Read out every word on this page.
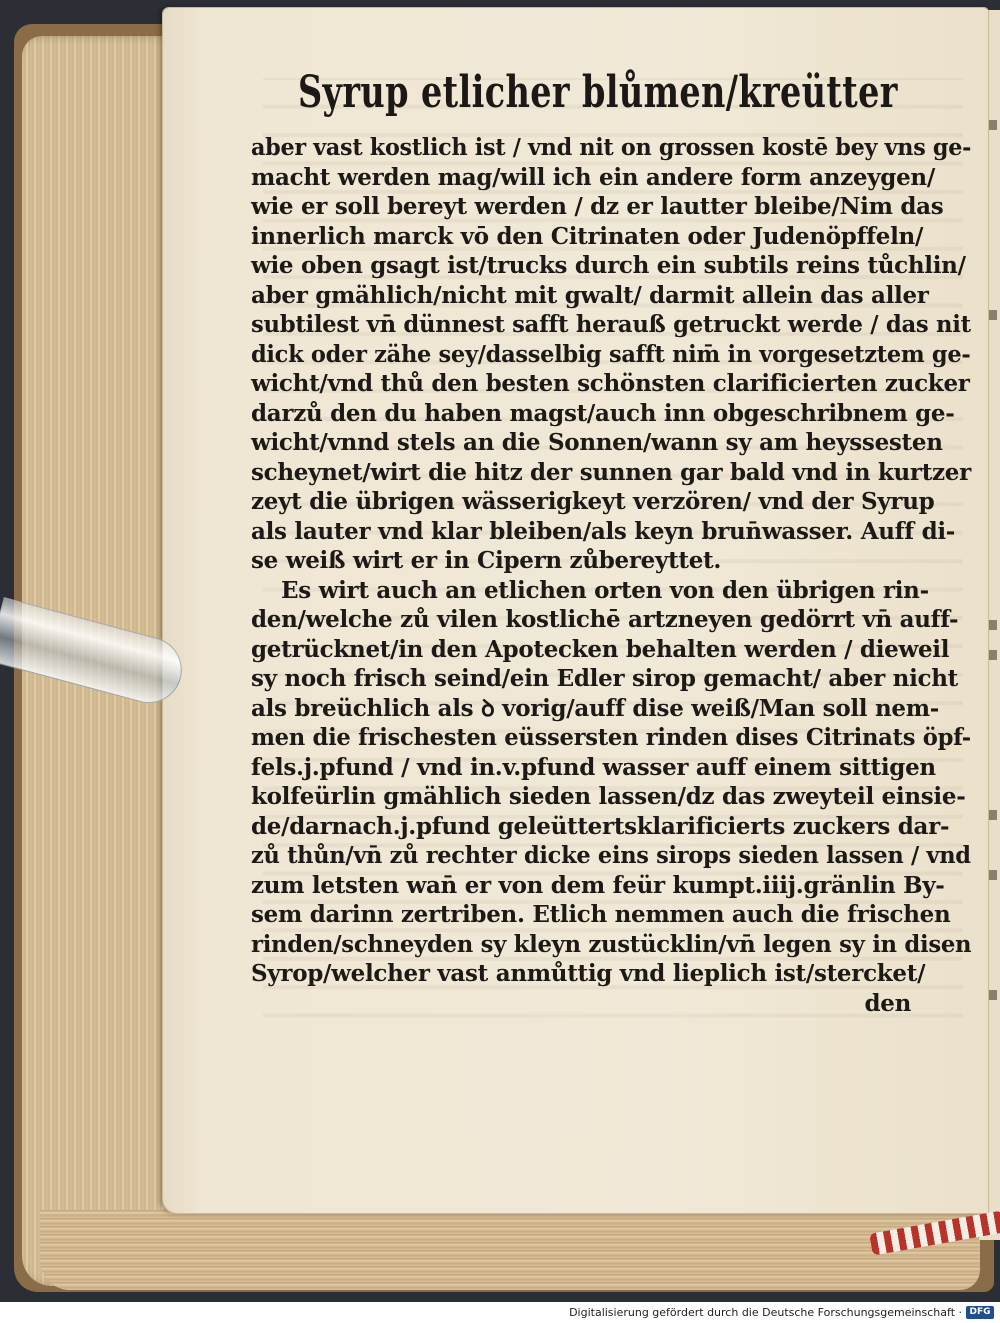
Syrup etlicher blůmen/kreütter
aber vast kostlich ist / vnd nit on grossen kostē bey vns ge-
macht werden mag/will ich ein andere form anzeygen/
wie er soll bereyt werden / dz er lautter bleibe/Nim das
innerlich marck vō den Citrinaten oder Judenöpffeln/
wie oben gsagt ist/trucks durch ein subtils reins tůchlin/
aber gmählich/nicht mit gwalt/ darmit allein das aller
subtilest vn̄ dünnest safft herauß getruckt werde / das nit
dick oder zähe sey/dasselbig safft nim̄ in vorgesetztem ge-
wicht/vnd thů den besten schönsten clarificierten zucker
darzů den du haben magst/auch inn obgeschribnem ge-
wicht/vnnd stels an die Sonnen/wann sy am heyssesten
scheynet/wirt die hitz der sunnen gar bald vnd in kurtzer
zeyt die übrigen wässerigkeyt verzören/ vnd der Syrup
als lauter vnd klar bleiben/als keyn brun̄wasser. Auff di-
se weiß wirt er in Cipern zůbereyttet.
Es wirt auch an etlichen orten von den übrigen rin-
den/welche zů vilen kostlichē artzneyen gedörrt vn̄ auff-
getrücknet/in den Apotecken behalten werden / dieweil
sy noch frisch seind/ein Edler sirop gemacht/ aber nicht
als breüchlich als ꝺ vorig/auff dise weiß/Man soll nem-
men die frischesten eüssersten rinden dises Citrinats öpf-
fels.j.pfund / vnd in.v.pfund wasser auff einem sittigen
kolfeürlin gmählich sieden lassen/dz das zweyteil einsie-
de/darnach.j.pfund geleüttertsklarificierts zuckers dar-
zů thůn/vn̄ zů rechter dicke eins sirops sieden lassen / vnd
zum letsten wan̄ er von dem feür kumpt.iiij.gränlin By-
sem darinn zertriben. Etlich nemmen auch die frischen
rinden/schneyden sy kleyn zustücklin/vn̄ legen sy in disen
Syrop/welcher vast anmůttig vnd lieplich ist/stercket/
den
Digitalisierung gefördert durch die Deutsche Forschungsgemeinschaft · DFG
